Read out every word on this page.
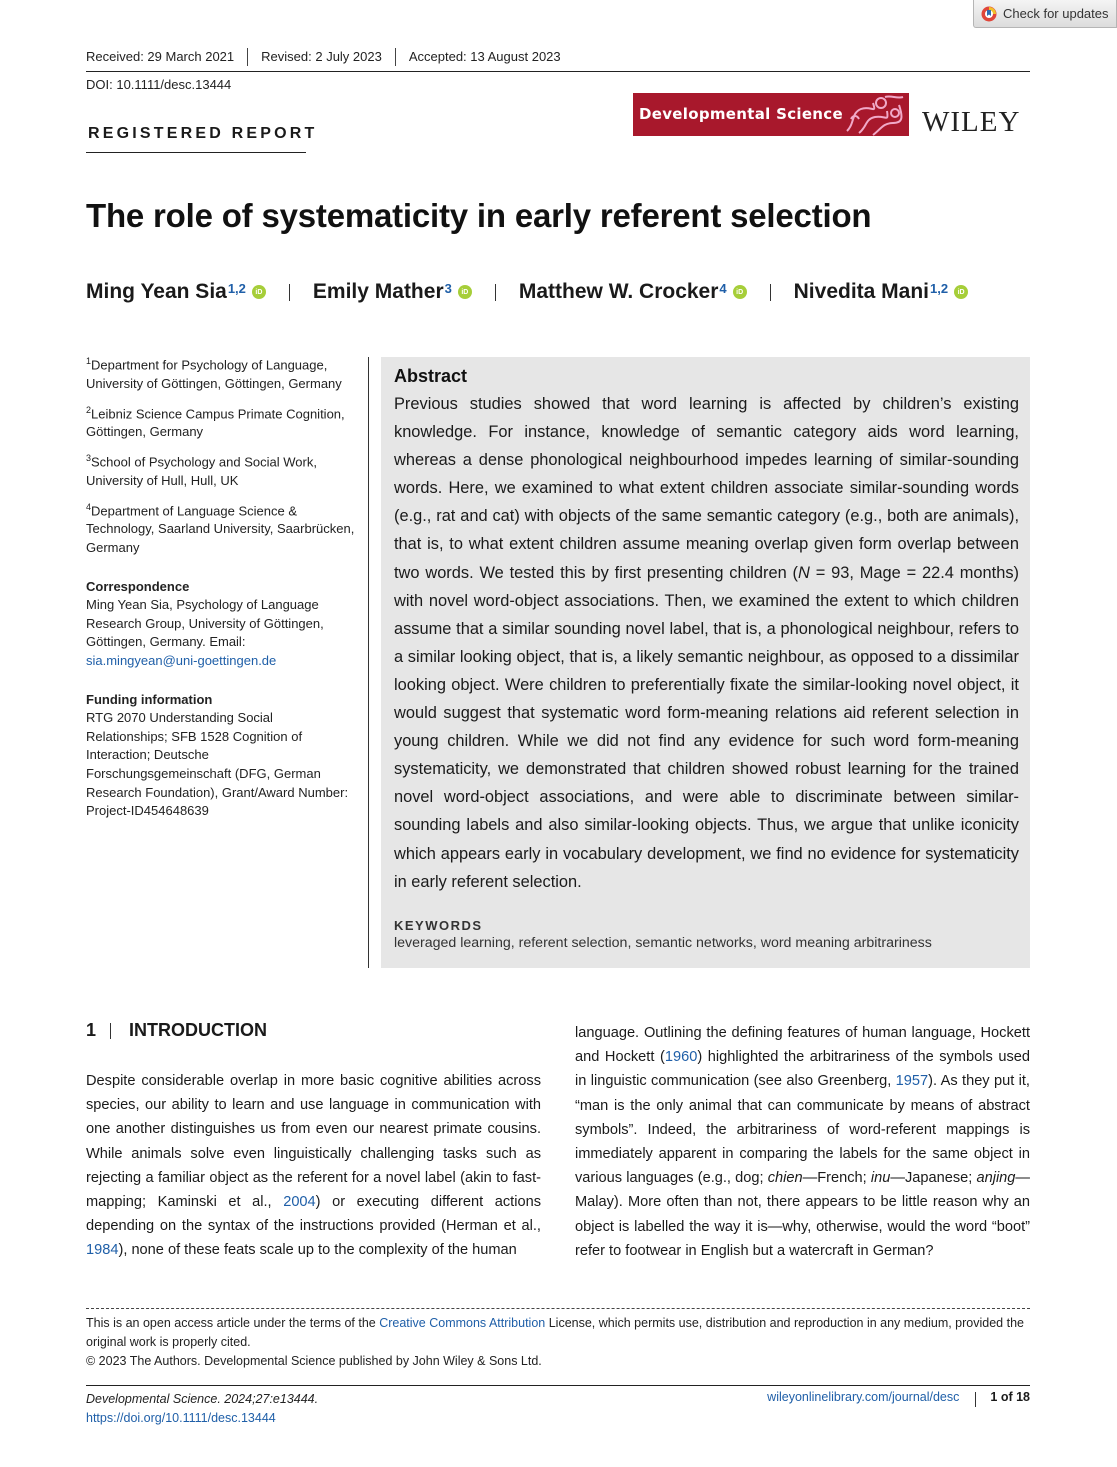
Check for updates
Received: 29 March 2021	Revised: 2 July 2023	Accepted: 13 August 2023
DOI: 10.1111/desc.13444
REGISTERED REPORT
Developmental Science	WILEY
The role of systematicity in early referent selection
Ming Yean Sia$^{1,2}$	iD Emily Mather$^3$	iD Matthew W. Crocker$^4$	iD Nivedita Mani$^{1,2}$	iD
$^1$Department for Psychology of Language, University of Göttingen, Göttingen, Germany
$^2$Leibniz Science Campus Primate Cognition, Göttingen, Germany
$^3$School of Psychology and Social Work, University of Hull, Hull, UK
$^4$Department of Language Science & Technology, Saarland University, Saarbrücken, Germany
Correspondence
Ming Yean Sia, Psychology of Language Research Group, University of Göttingen, Göttingen, Germany. Email:
sia.mingyean@uni-goettingen.de
Funding information
RTG 2070 Understanding Social Relationships; SFB 1528 Cognition of Interaction; Deutsche Forschungsgemeinschaft (DFG, German Research Foundation), Grant/Award Number: Project-ID454648639
Abstract

Previous studies showed that word learning is affected by children’s existing knowledge. For instance, knowledge of semantic category aids word learning, whereas a dense phonological neighbourhood impedes learning of similar-sounding words. Here, we examined to what extent children associate similar-sounding words (e.g., rat and cat) with objects of the same semantic category (e.g., both are animals), that is, to what extent children assume meaning overlap given form overlap between two words. We tested this by first presenting children (N = 93, Mage = 22.4 months) with novel word-object associations. Then, we examined the extent to which children assume that a similar sounding novel label, that is, a phonological neighbour, refers to a similar looking object, that is, a likely semantic neighbour, as opposed to a dissimilar looking object. Were children to preferentially fixate the similar-looking novel object, it would suggest that systematic word form-meaning relations aid referent selection in young children. While we did not find any evidence for such word form-meaning systematicity, we demonstrated that children showed robust learning for the trained novel word-object associations, and were able to discriminate between similar-sounding labels and also similar-looking objects. Thus, we argue that unlike iconicity which appears early in vocabulary development, we find no evidence for systematicity in early referent selection.

KEYWORDS
leveraged learning, referent selection, semantic networks, word meaning arbitrariness
1 INTRODUCTION

Despite considerable overlap in more basic cognitive abilities across species, our ability to learn and use language in communication with one another distinguishes us from even our nearest primate cousins. While animals solve even linguistically challenging tasks such as rejecting a familiar object as the referent for a novel label (akin to fast-mapping; Kaminski et al., 2004) or executing different actions depending on the syntax of the instructions provided (Herman et al., 1984), none of these feats scale up to the complexity of the human

language. Outlining the defining features of human language, Hockett and Hockett (1960) highlighted the arbitrariness of the symbols used in linguistic communication (see also Greenberg, 1957). As they put it, “man is the only animal that can communicate by means of abstract symbols”. Indeed, the arbitrariness of word-referent mappings is immediately apparent in comparing the labels for the same object in various languages (e.g., dog; chien—French; inu—Japanese; anjing—Malay). More often than not, there appears to be little reason why an object is labelled the way it is—why, otherwise, would the word “boot” refer to footwear in English but a watercraft in German?

This is an open access article under the terms of the Creative Commons Attribution License, which permits use, distribution and reproduction in any medium, provided the original work is properly cited.
© 2023 The Authors. Developmental Science published by John Wiley & Sons Ltd.
Developmental Science. 2024;27:e13444.
https://doi.org/10.1111/desc.13444
wileyonlinelibrary.com/journal/desc 1 of 18
